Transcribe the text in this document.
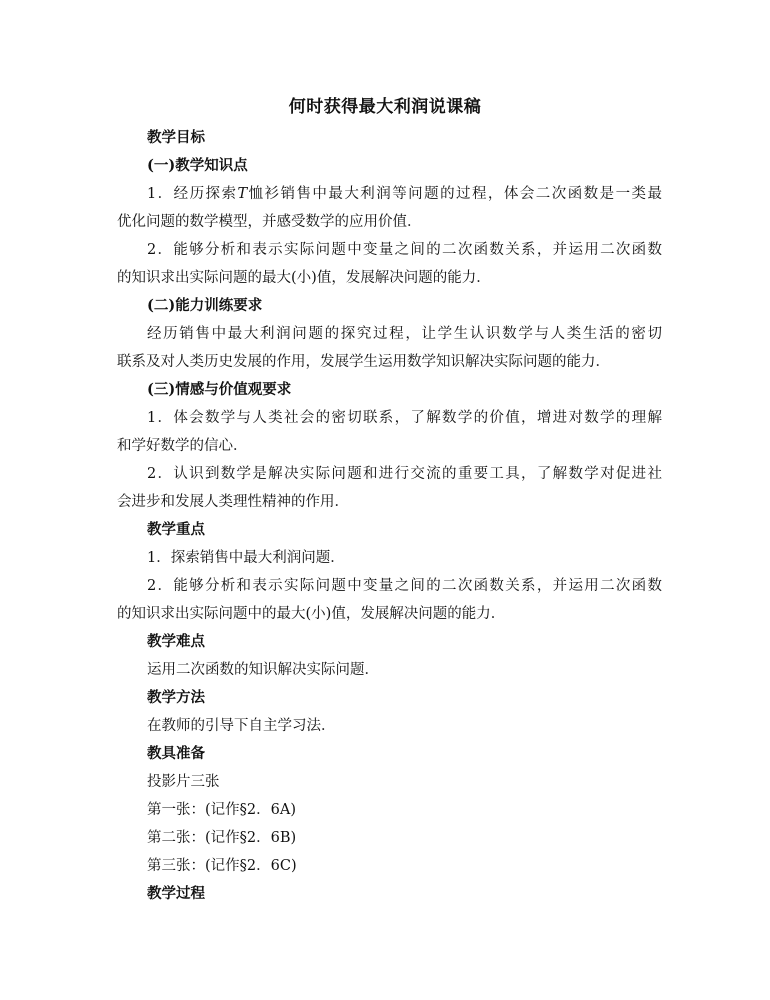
何时获得最大利润说课稿
教学目标
(一)教学知识点
1．经历探索T恤衫销售中最大利润等问题的过程，体会二次函数是一类最
优化问题的数学模型，并感受数学的应用价值．
2．能够分析和表示实际问题中变量之间的二次函数关系，并运用二次函数
的知识求出实际问题的最大(小)值，发展解决问题的能力．
(二)能力训练要求
经历销售中最大利润问题的探究过程，让学生认识数学与人类生活的密切
联系及对人类历史发展的作用，发展学生运用数学知识解决实际问题的能力．
(三)情感与价值观要求
1．体会数学与人类社会的密切联系，了解数学的价值，增进对数学的理解
和学好数学的信心．
2．认识到数学是解决实际问题和进行交流的重要工具，了解数学对促进社
会进步和发展人类理性精神的作用．
教学重点
1．探索销售中最大利润问题．
2．能够分析和表示实际问题中变量之间的二次函数关系，并运用二次函数
的知识求出实际问题中的最大(小)值，发展解决问题的能力．
教学难点
运用二次函数的知识解决实际问题．
教学方法
在教师的引导下自主学习法．
教具准备
投影片三张
第一张：(记作§2．6A)
第二张：(记作§2．6B)
第三张：(记作§2．6C)
教学过程
